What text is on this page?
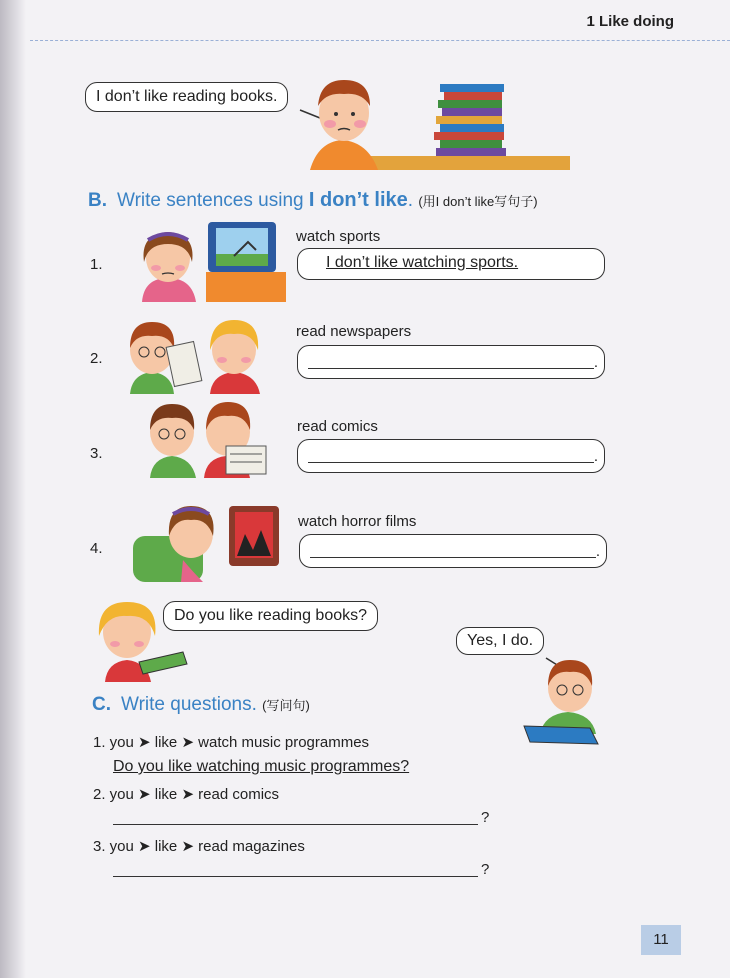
1 Like doing
I don’t like reading books.
B. Write sentences using I don’t like. (用I don’t like写句子)
1.
watch sports
I don’t like watching sports.
2.
read newspapers
.
3.
read comics
.
4.
watch horror films
.
Do you like reading books?
Yes, I do.
C. Write questions. (写问句)
1. you ➤ like ➤ watch music programmes
Do you like watching music programmes?
2. you ➤ like ➤ read comics
?
3. you ➤ like ➤ read magazines
?
11
